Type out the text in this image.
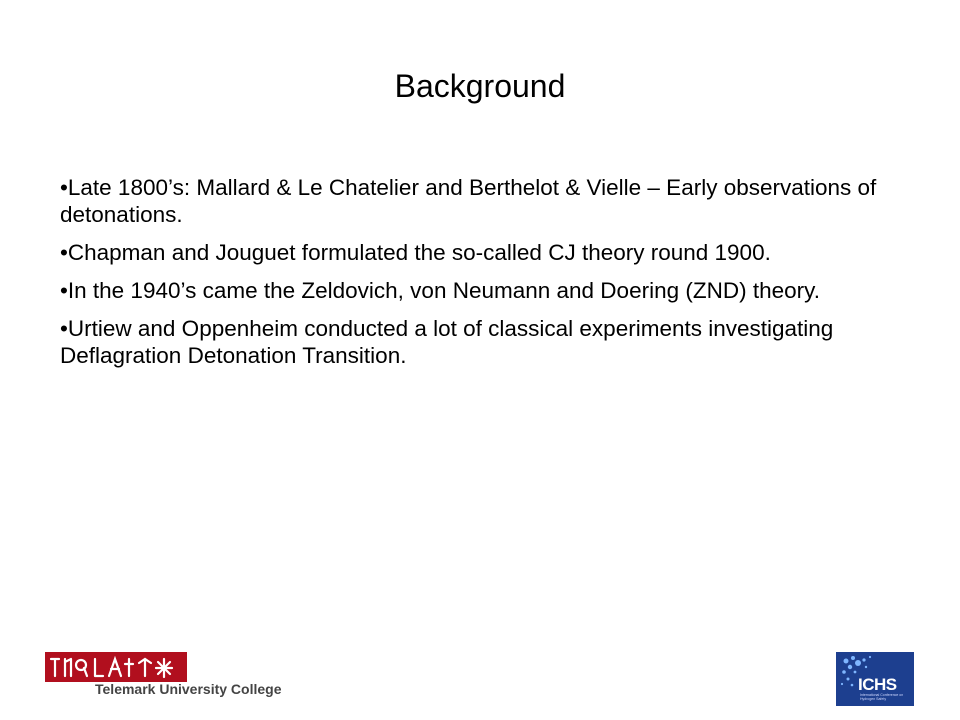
Background
•Late 1800’s: Mallard & Le Chatelier and Berthelot & Vielle – Early observations of detonations.
•Chapman and Jouguet formulated the so-called CJ theory round 1900.
•In the 1940’s came the Zeldovich, von Neumann and Doering (ZND) theory.
•Urtiew and Oppenheim conducted a lot of classical experiments investigating Deflagration Detonation Transition.
Telemark University College	ICHS
International Conference on Hydrogen Safety
